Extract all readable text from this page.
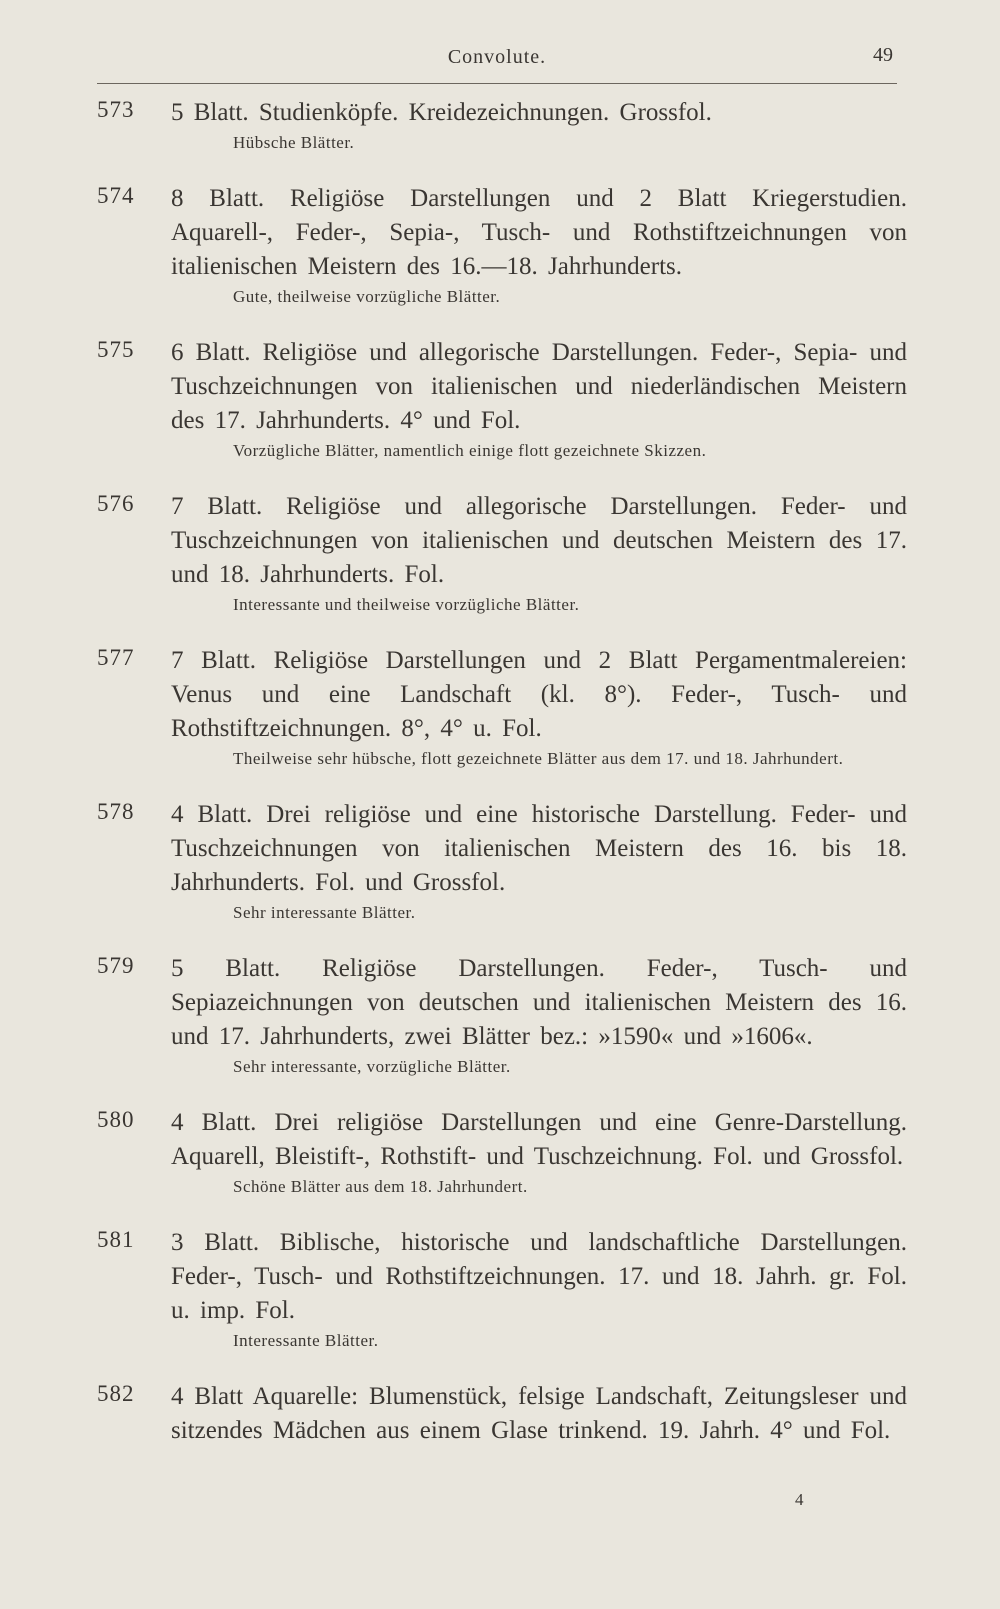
Convolute.	49
573	5 Blatt. Studienköpfe. Kreidezeichnungen. Grossfol.
Hübsche Blätter.
574	8 Blatt. Religiöse Darstellungen und 2 Blatt Kriegerstudien. Aquarell-, Feder-, Sepia-, Tusch- und Rothstiftzeichnungen von italienischen Meistern des 16.—18. Jahrhunderts.
Gute, theilweise vorzügliche Blätter.
575	6 Blatt. Religiöse und allegorische Darstellungen. Feder-, Sepia- und Tuschzeichnungen von italienischen und niederländischen Meistern des 17. Jahrhunderts. 4° und Fol.
Vorzügliche Blätter, namentlich einige flott gezeichnete Skizzen.
576	7 Blatt. Religiöse und allegorische Darstellungen. Feder- und Tuschzeichnungen von italienischen und deutschen Meistern des 17. und 18. Jahrhunderts. Fol.
Interessante und theilweise vorzügliche Blätter.
577	7 Blatt. Religiöse Darstellungen und 2 Blatt Pergamentmalereien: Venus und eine Landschaft (kl. 8°). Feder-, Tusch- und Rothstiftzeichnungen. 8°, 4° u. Fol.
Theilweise sehr hübsche, flott gezeichnete Blätter aus dem 17. und 18. Jahrhundert.
578	4 Blatt. Drei religiöse und eine historische Darstellung. Feder- und Tuschzeichnungen von italienischen Meistern des 16. bis 18. Jahrhunderts. Fol. und Grossfol.
Sehr interessante Blätter.
579	5 Blatt. Religiöse Darstellungen. Feder-, Tusch- und Sepiazeichnungen von deutschen und italienischen Meistern des 16. und 17. Jahrhunderts, zwei Blätter bez.: »1590« und »1606«.
Sehr interessante, vorzügliche Blätter.
580	4 Blatt. Drei religiöse Darstellungen und eine Genre-Darstellung. Aquarell, Bleistift-, Rothstift- und Tuschzeichnung. Fol. und Grossfol.
Schöne Blätter aus dem 18. Jahrhundert.
581	3 Blatt. Biblische, historische und landschaftliche Darstellungen. Feder-, Tusch- und Rothstiftzeichnungen. 17. und 18. Jahrh. gr. Fol. u. imp. Fol.
Interessante Blätter.
582	4 Blatt Aquarelle: Blumenstück, felsige Landschaft, Zeitungsleser und sitzendes Mädchen aus einem Glase trinkend. 19. Jahrh. 4° und Fol.
4
